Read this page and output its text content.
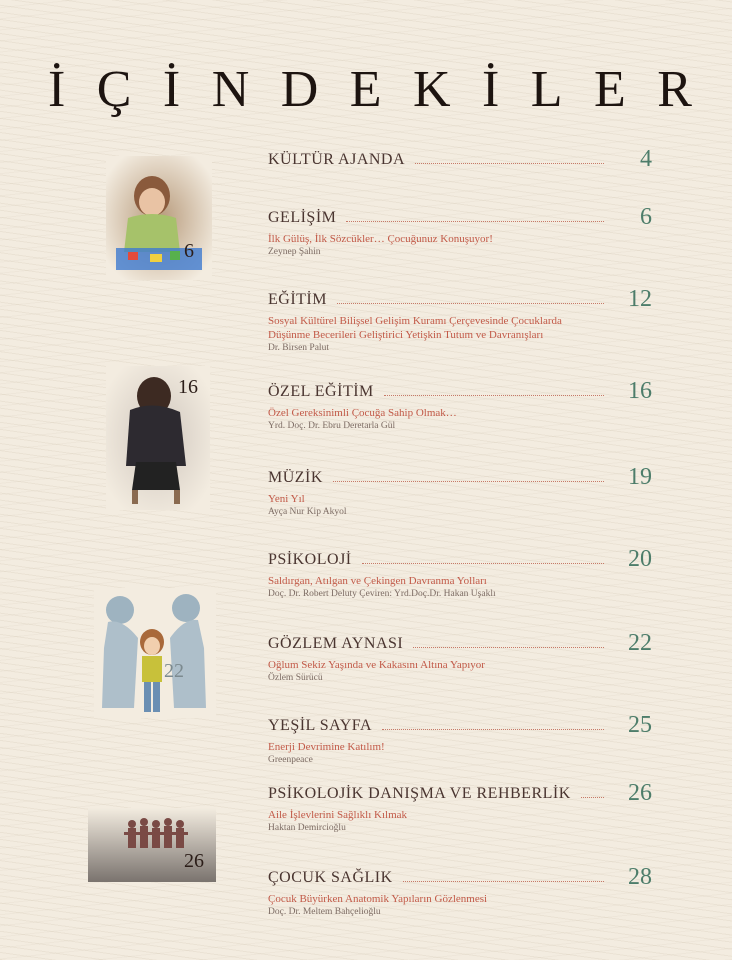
İ Ç İ N D E K İ L E R
6
16
22
26
KÜLTÜR AJANDA	4
GELİŞİM	6
İlk Gülüş, İlk Sözcükler… Çocuğunuz Konuşuyor!
Zeynep Şahin
EĞİTİM	12
Sosyal Kültürel Bilişsel Gelişim Kuramı Çerçevesinde Çocuklarda
Düşünme Becerileri Geliştirici Yetişkin Tutum ve Davranışları
Dr. Birsen Palut
ÖZEL EĞİTİM	16
Özel Gereksinimli Çocuğa Sahip Olmak…
Yrd. Doç. Dr. Ebru Deretarla Gül
MÜZİK	19
Yeni Yıl
Ayça Nur Kip Akyol
PSİKOLOJİ	20
Saldırgan, Atılgan ve Çekingen Davranma Yolları
Doç. Dr. Robert Deluty Çeviren: Yrd.Doç.Dr. Hakan Uşaklı
GÖZLEM AYNASI	22
Oğlum Sekiz Yaşında ve Kakasını Altına Yapıyor
Özlem Sürücü
YEŞİL SAYFA	25
Enerji Devrimine Katılım!
Greenpeace
PSİKOLOJİK DANIŞMA VE REHBERLİK	26
Aile İşlevlerini Sağlıklı Kılmak
Haktan Demircioğlu
ÇOCUK SAĞLIK	28
Çocuk Büyürken Anatomik Yapıların Gözlenmesi
Doç. Dr. Meltem Bahçelioğlu
